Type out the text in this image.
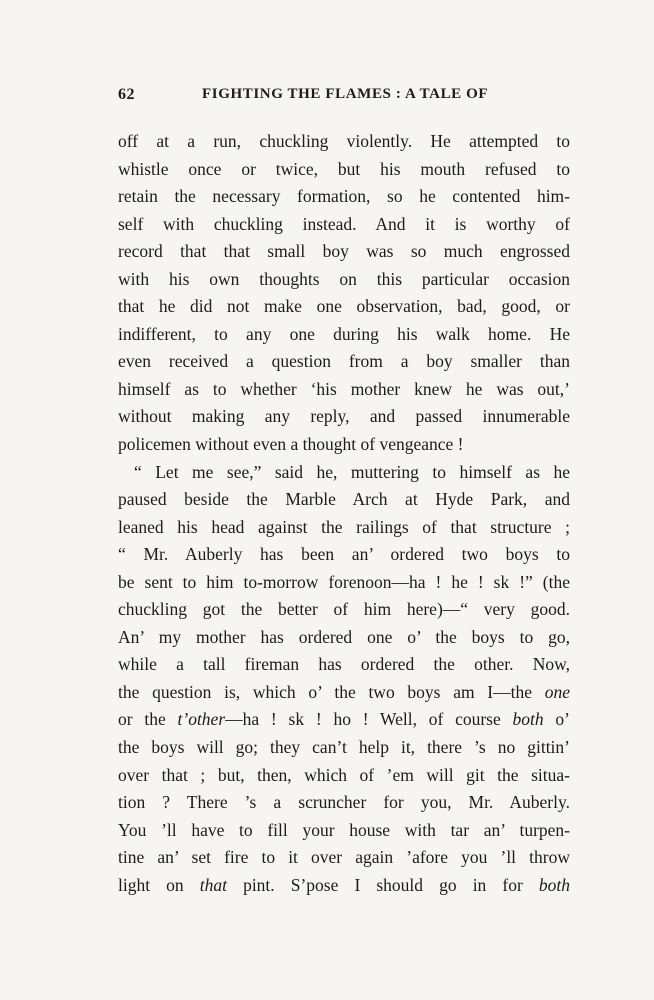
62	FIGHTING THE FLAMES : A TALE OF
off at a run, chuckling violently. He attempted to
whistle once or twice, but his mouth refused to
retain the necessary formation, so he contented him-
self with chuckling instead. And it is worthy of
record that that small boy was so much engrossed
with his own thoughts on this particular occasion
that he did not make one observation, bad, good, or
indifferent, to any one during his walk home. He
even received a question from a boy smaller than
himself as to whether ‘his mother knew he was out,’
without making any reply, and passed innumerable
policemen without even a thought of vengeance !
“ Let me see,” said he, muttering to himself as he
paused beside the Marble Arch at Hyde Park, and
leaned his head against the railings of that structure ;
“ Mr. Auberly has been an’ ordered two boys to
be sent to him to-morrow forenoon—ha ! he ! sk !” (the
chuckling got the better of him here)—“ very good.
An’ my mother has ordered one o’ the boys to go,
while a tall fireman has ordered the other. Now,
the question is, which o’ the two boys am I—the one
or the t’other—ha ! sk ! ho ! Well, of course both o’
the boys will go; they can’t help it, there ’s no gittin’
over that ; but, then, which of ’em will git the situa-
tion ? There ’s a scruncher for you, Mr. Auberly.
You ’ll have to fill your house with tar an’ turpen-
tine an’ set fire to it over again ’afore you ’ll throw
light on that pint. S’pose I should go in for both
